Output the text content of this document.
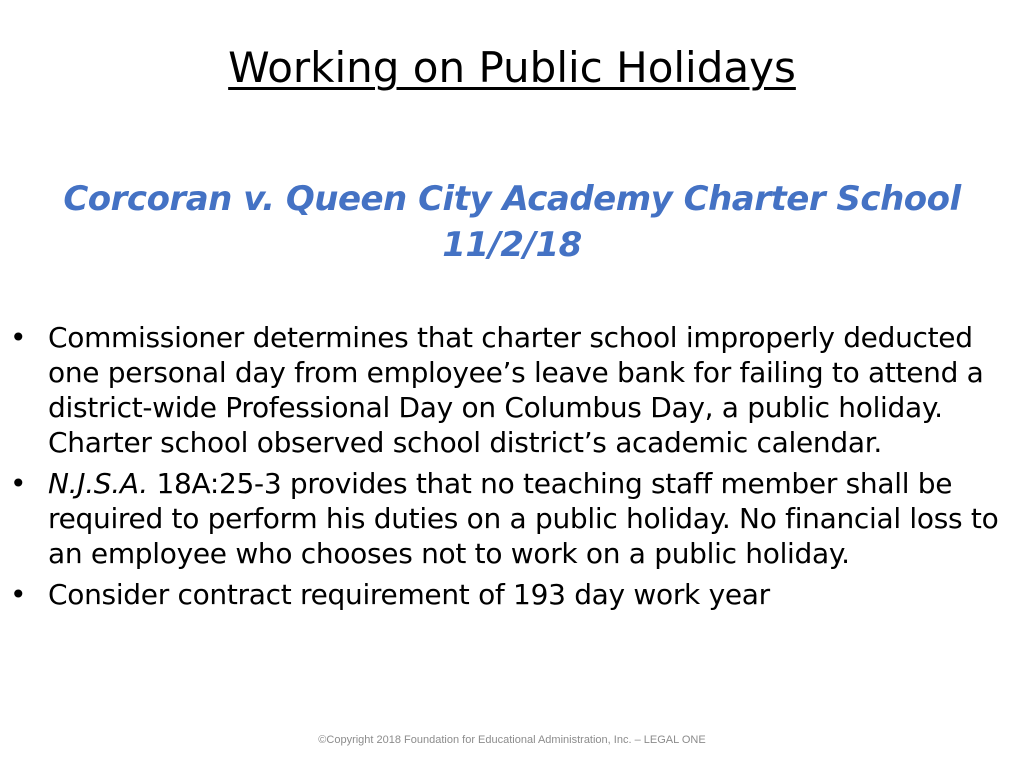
Working on Public Holidays
Corcoran v. Queen City Academy Charter School
11/2/18
• Commissioner determines that charter school improperly deducted one personal day from employee’s leave bank for failing to attend a district-wide Professional Day on Columbus Day, a public holiday. Charter school observed school district’s academic calendar.
• N.J.S.A. 18A:25-3 provides that no teaching staff member shall be required to perform his duties on a public holiday. No financial loss to an employee who chooses not to work on a public holiday.
• Consider contract requirement of 193 day work year
©Copyright 2018 Foundation for Educational Administration, Inc. – LEGAL ONE
